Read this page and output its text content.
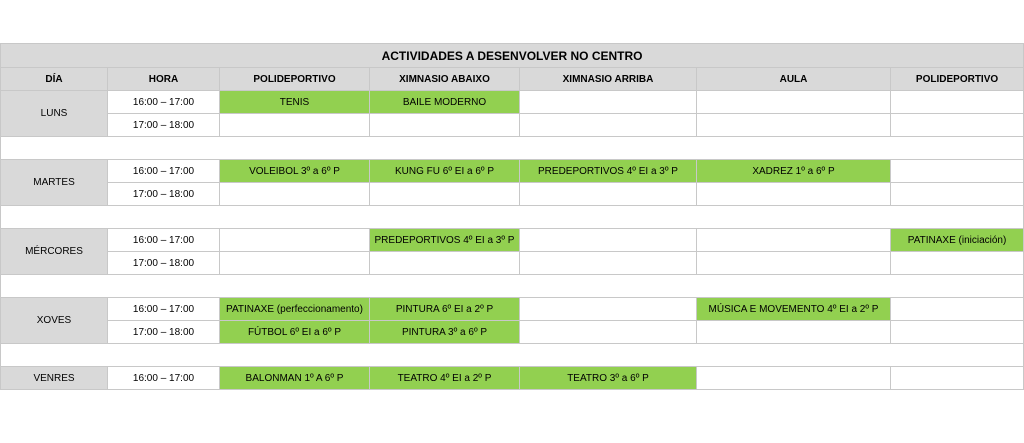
ACTIVIDADES A DESENVOLVER NO CENTRO						
DÍA	HORA	POLIDEPORTIVO	XIMNASIO ABAIXO	XIMNASIO ARRIBA	AULA	POLIDEPORTIVO
LUNS	16:00 – 17:00	TENIS	BAILE MODERNO			
	17:00 – 18:00					

MARTES	16:00 – 17:00	VOLEIBOL 3º a 6º P	KUNG FU 6º EI a 6º P	PREDEPORTIVOS 4º EI a 3º P	XADREZ 1º a 6º P	
	17:00 – 18:00					

MÉRCORES	16:00 – 17:00		PREDEPORTIVOS 4º EI a 3º P			PATINAXE (iniciación)
	17:00 – 18:00					

XOVES	16:00 – 17:00	PATINAXE (perfeccionamento)	PINTURA 6º EI a 2º P		MÚSICA E MOVEMENTO 4º EI a 2º P	
	17:00 – 18:00	FÚTBOL 6º EI a 6º P	PINTURA 3º a 6º P			

VENRES	16:00 – 17:00	BALONMAN 1º A 6º P	TEATRO 4º EI a 2º P	TEATRO 3º a 6º P		
